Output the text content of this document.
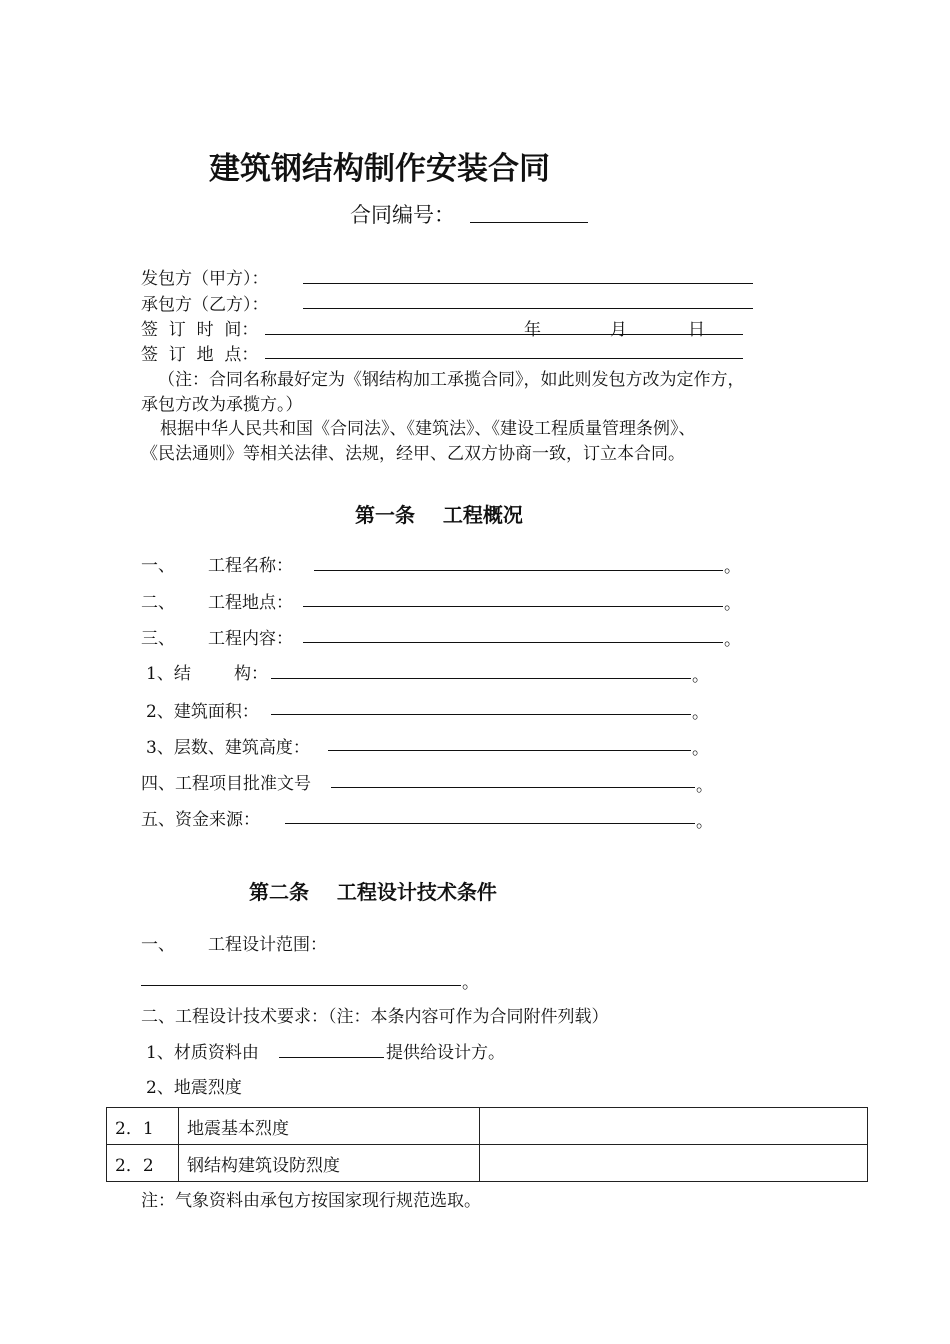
建筑钢结构制作安装合同
合同编号：
发包方（甲方）：
承包方（乙方）：
签  订  时  间：	年	月	日
签  订  地  点：
（注：合同名称最好定为《钢结构加工承揽合同》，如此则发包方改为定作方，
承包方改为承揽方。）
根据中华人民共和国《合同法》、《建筑法》、《建设工程质量管理条例》、
《民法通则》等相关法律、法规，经甲、乙双方协商一致，订立本合同。
第一条    工程概况
一、 工程名称：	。
二、 工程地点：	。
三、 工程内容：	。
1、结        构：	。
2、建筑面积：	。
3、层数、建筑高度：	。
四、工程项目批准文号	。
五、资金来源：	。
第二条    工程设计技术条件
一、 工程设计范围：
。
二、工程设计技术要求：（注：本条内容可作为合同附件列载）
1、材质资料由	提供给设计方。
2、地震烈度
2．1	地震基本烈度	
2．2	钢结构建筑设防烈度	
注：气象资料由承包方按国家现行规范选取。
